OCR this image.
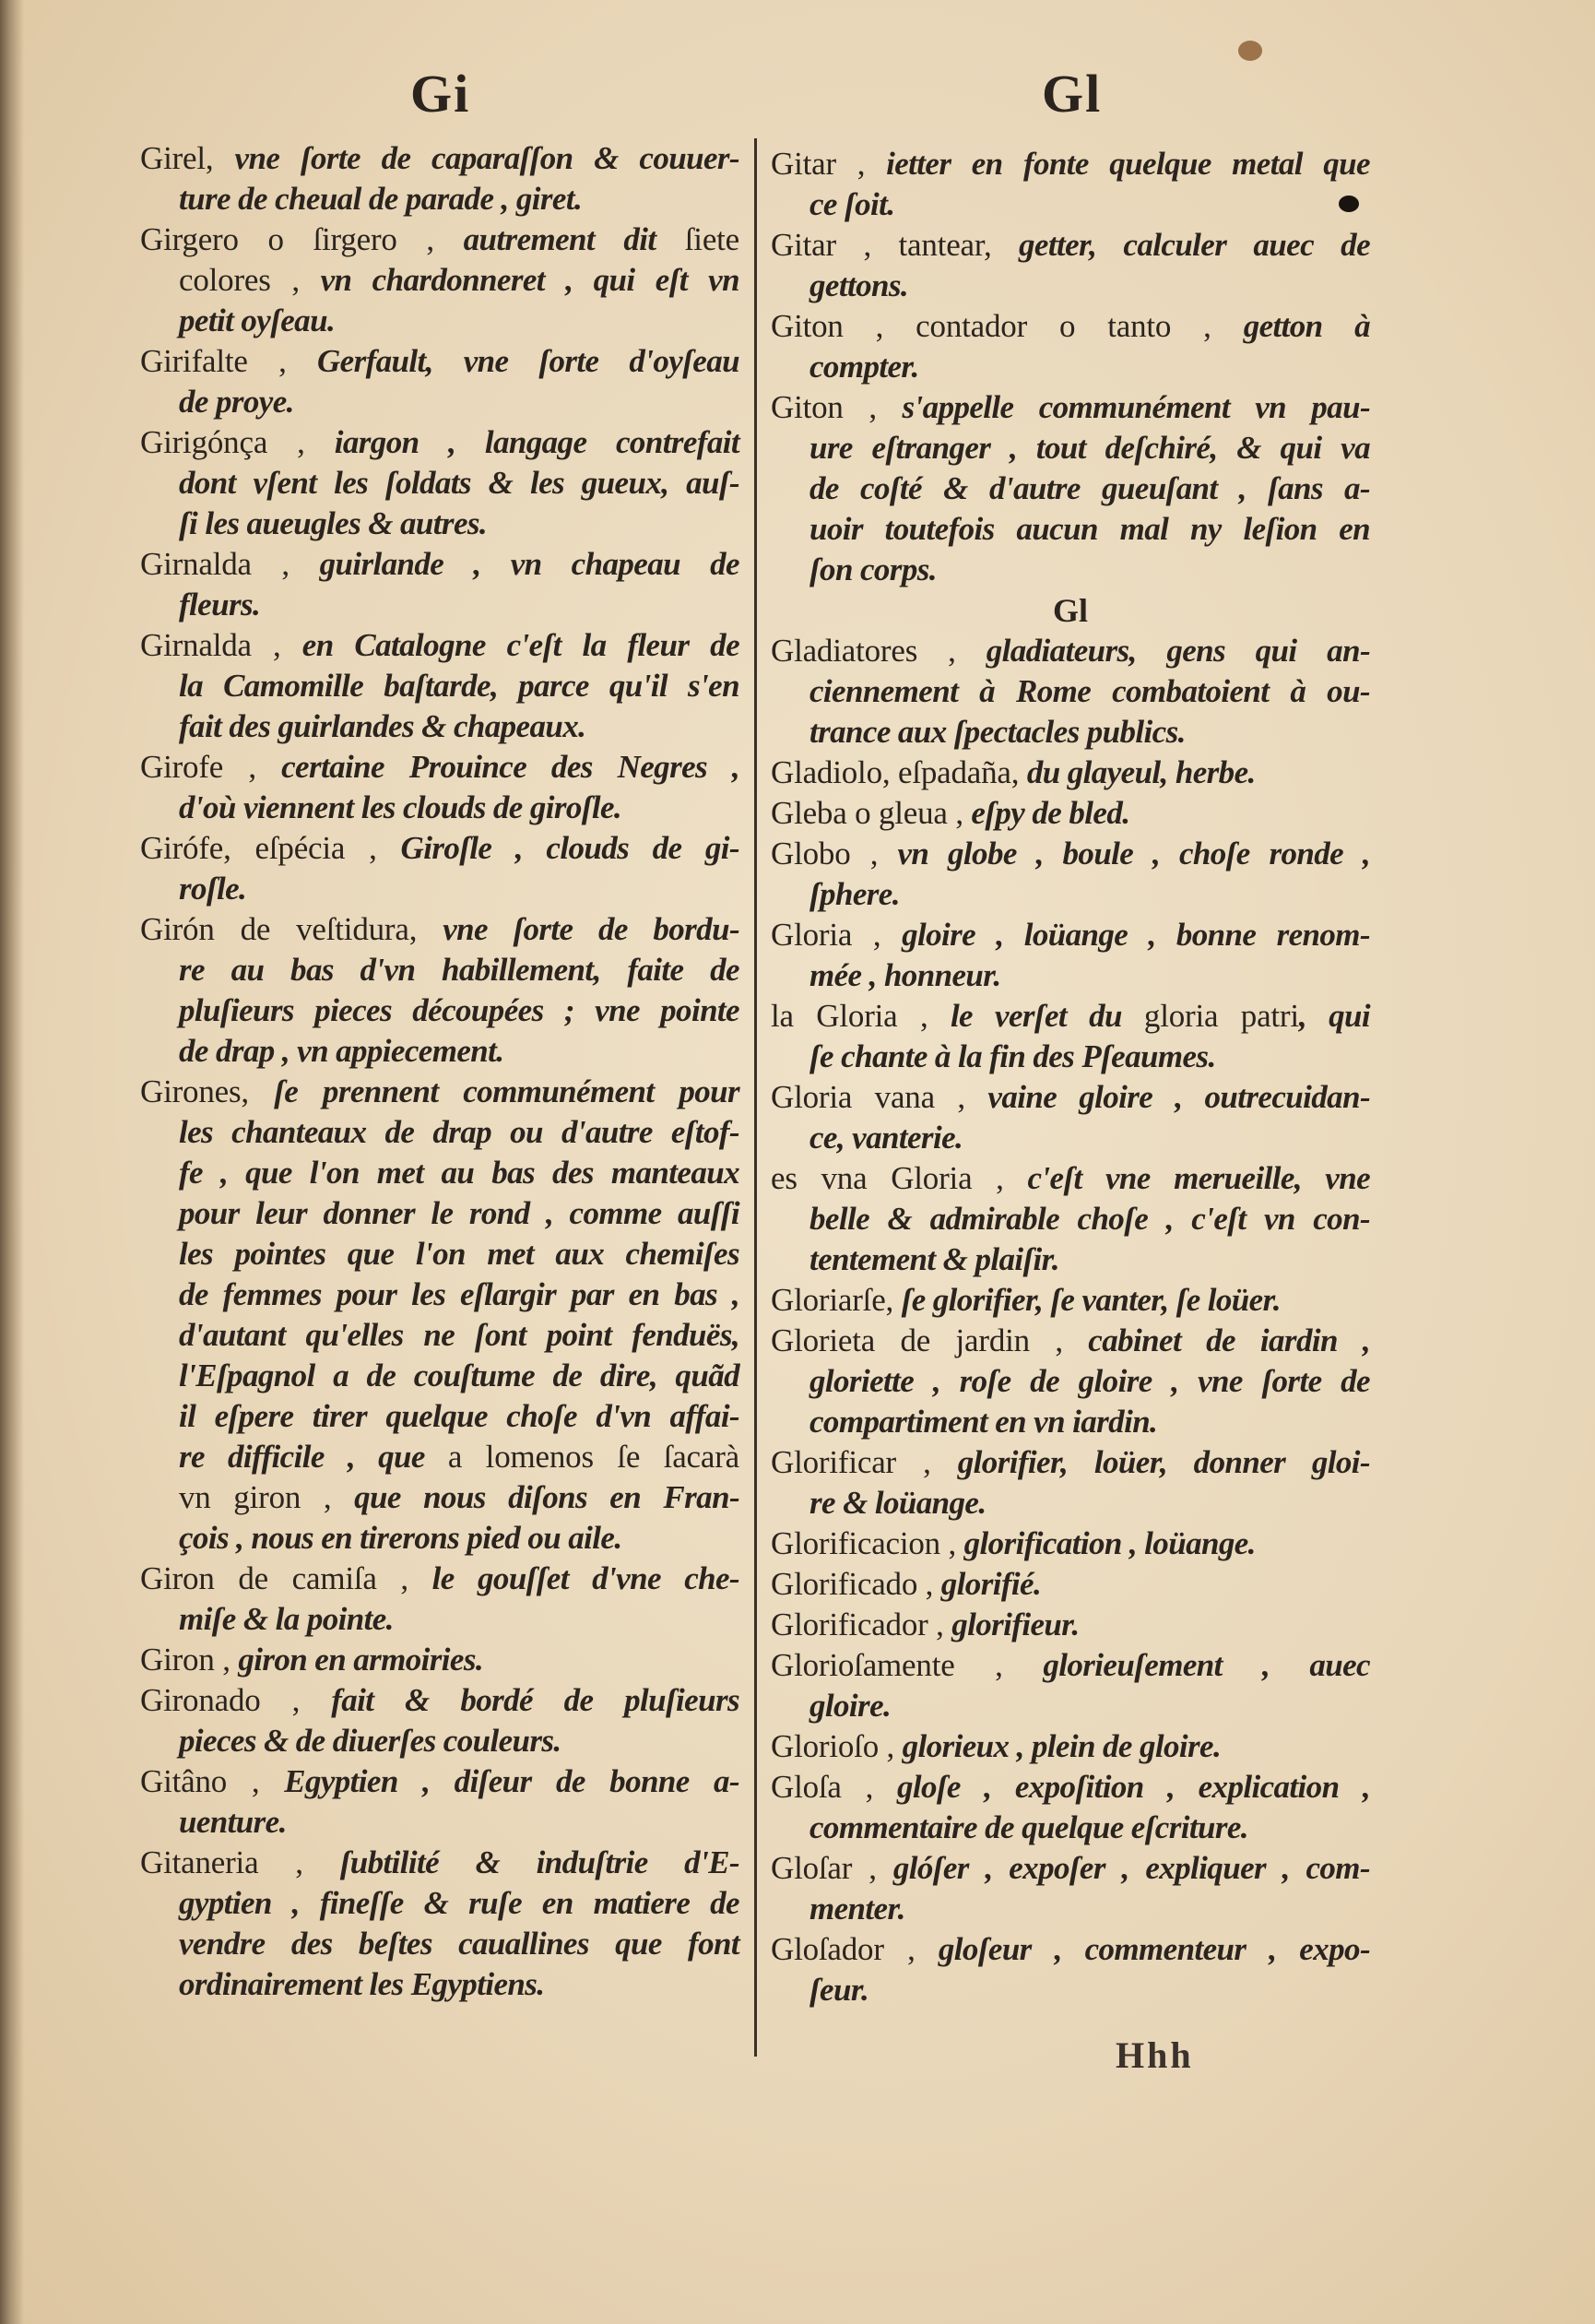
Gi	Gl
Girel, vne ſorte de caparaſſon & couuer-
ture de cheual de parade , giret.
Girgero o ſirgero , autrement dit ſiete
colores , vn chardonneret , qui eſt vn
petit oyſeau.
Girifalte , Gerfault, vne ſorte d'oyſeau
de proye.
Girigónça , iargon , langage contrefait
dont vſent les ſoldats & les gueux, auſ-
ſi les aueugles & autres.
Girnalda , guirlande , vn chapeau de
fleurs.
Girnalda , en Catalogne c'eſt la fleur de
la Camomille baſtarde, parce qu'il s'en
fait des guirlandes & chapeaux.
Girofe , certaine Prouince des Negres ,
d'où viennent les clouds de giroſle.
Girófe, eſpécia , Giroſle , clouds de gi-
roſle.
Girón de veſtidura, vne ſorte de bordu-
re au bas d'vn habillement, faite de
pluſieurs pieces découpées ; vne pointe
de drap , vn appiecement.
Girones, ſe prennent communément pour
les chanteaux de drap ou d'autre eſtof-
fe , que l'on met au bas des manteaux
pour leur donner le rond , comme auſſi
les pointes que l'on met aux chemiſes
de femmes pour les eſlargir par en bas ,
d'autant qu'elles ne ſont point fenduës,
l'Eſpagnol a de couſtume de dire, quãd
il eſpere tirer quelque choſe d'vn affai-
re difficile , que a lomenos ſe ſacarà
vn giron , que nous diſons en Fran-
çois , nous en tirerons pied ou aile.
Giron de camiſa , le gouſſet d'vne che-
miſe & la pointe.
Giron , giron en armoiries.
Gironado , fait & bordé de pluſieurs
pieces & de diuerſes couleurs.
Gitâno , Egyptien , diſeur de bonne a-
uenture.
Gitaneria , ſubtilité & induſtrie d'E-
gyptien , fineſſe & ruſe en matiere de
vendre des beſtes cauallines que font
ordinairement les Egyptiens.
Gitar , ietter en fonte quelque metal que
ce ſoit.
Gitar , tantear, getter, calculer auec de
gettons.
Giton , contador o tanto , getton à
compter.
Giton , s'appelle communément vn pau-
ure eſtranger , tout deſchiré, & qui va
de coſté & d'autre gueuſant , ſans a-
uoir toutefois aucun mal ny leſion en
ſon corps.
Gl
Gladiatores , gladiateurs, gens qui an-
ciennement à Rome combatoient à ou-
trance aux ſpectacles publics.
Gladiolo, eſpadaña, du glayeul, herbe.
Gleba o gleua , eſpy de bled.
Globo , vn globe , boule , choſe ronde ,
ſphere.
Gloria , gloire , loüange , bonne renom-
mée , honneur.
la Gloria , le verſet du gloria patri, qui
ſe chante à la fin des Pſeaumes.
Gloria vana , vaine gloire , outrecuidan-
ce, vanterie.
es vna Gloria , c'eſt vne merueille, vne
belle & admirable choſe , c'eſt vn con-
tentement & plaiſir.
Gloriarſe, ſe glorifier, ſe vanter, ſe loüer.
Glorieta de jardin , cabinet de iardin ,
gloriette , roſe de gloire , vne ſorte de
compartiment en vn iardin.
Glorificar , glorifier, loüer, donner gloi-
re & loüange.
Glorificacion , glorification , loüange.
Glorificado , glorifié.
Glorificador , glorifieur.
Glorioſamente , glorieuſement , auec
gloire.
Glorioſo , glorieux , plein de gloire.
Gloſa , gloſe , expoſition , explication ,
commentaire de quelque eſcriture.
Gloſar , glóſer , expoſer , expliquer , com-
menter.
Gloſador , gloſeur , commenteur , expo-
ſeur.
Hhh
